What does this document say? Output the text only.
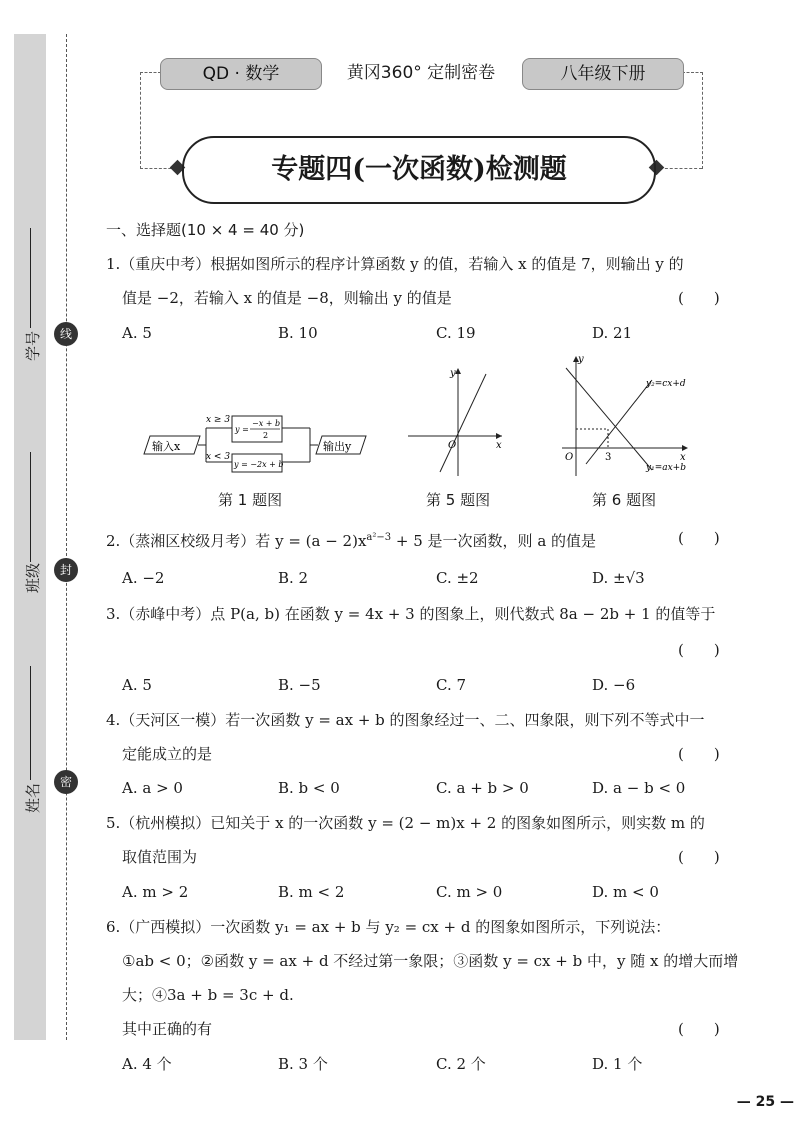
学号
班级
姓名
线
封
密
QD · 数学	黄冈360° 定制密卷	八年级下册
专题四(一次函数)检测题
一、选择题(10 × 4 = 40 分)
1.（重庆中考）根据如图所示的程序计算函数 y 的值，若输入 x 的值是 7，则输出 y 的
值是 −2，若输入 x 的值是 −8，则输出 y 的值是	(　　)
A. 5	B. 10	C. 19	D. 21
输入x
x ≥ 3
x < 3
y =
−x + b
2
y = −2x + b
输出y
第 1 题图
x
y
O
第 5 题图
y
x
O	3
y₂=cx+d
y₁=ax+b
第 6 题图
2.（蒸湘区校级月考）若 $y = (a - 2)x^{a^2-3} + 5$ 是一次函数，则 a 的值是	(　　)
A. −2	B. 2	C. ±2	D. ±√3
3.（赤峰中考）点 P(a, b) 在函数 y = 4x + 3 的图象上，则代数式 8a − 2b + 1 的值等于
(　　)
A. 5	B. −5	C. 7	D. −6
4.（天河区一模）若一次函数 y = ax + b 的图象经过一、二、四象限，则下列不等式中一
定能成立的是	(　　)
A. a > 0	B. b < 0	C. a + b > 0	D. a − b < 0
5.（杭州模拟）已知关于 x 的一次函数 y = (2 − m)x + 2 的图象如图所示，则实数 m 的
取值范围为	(　　)
A. m > 2	B. m < 2	C. m > 0	D. m < 0
6.（广西模拟）一次函数 y₁ = ax + b 与 y₂ = cx + d 的图象如图所示，下列说法：
①ab < 0；②函数 y = ax + d 不经过第一象限；③函数 y = cx + b 中，y 随 x 的增大而增
大；④3a + b = 3c + d.
其中正确的有	(　　)
A. 4 个	B. 3 个	C. 2 个	D. 1 个
— 25 —
